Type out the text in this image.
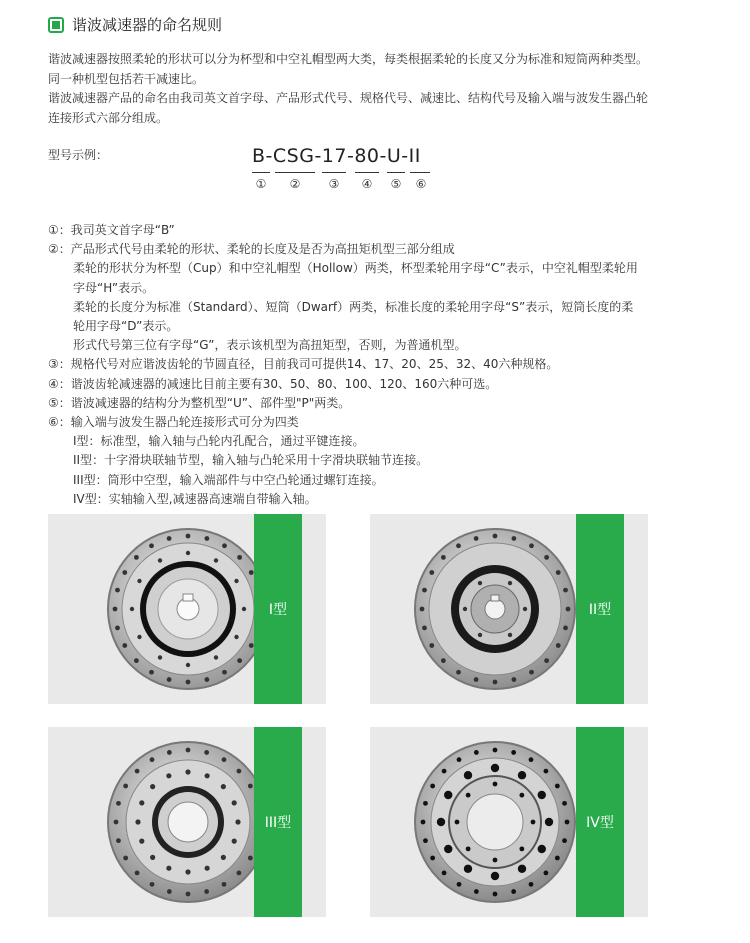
谐波减速器的命名规则

谐波减速器按照柔轮的形状可以分为杯型和中空礼帽型两大类，每类根据柔轮的长度又分为标准和短筒两种类型。

同一种机型包括若干减速比。

谐波减速器产品的命名由我司英文首字母、产品形式代号、规格代号、减速比、结构代号及输入端与波发生器凸轮

连接形式六部分组成。

型号示例：	B-CSG-17-80-U-II
①	②	③	④	⑤	⑥

①：我司英文首字母“B”

②：产品形式代号由柔轮的形状、柔轮的长度及是否为高扭矩机型三部分组成

柔轮的形状分为杯型（Cup）和中空礼帽型（Hollow）两类，杯型柔轮用字母“C”表示，中空礼帽型柔轮用

字母“H”表示。

柔轮的长度分为标准（Standard）、短筒（Dwarf）两类，标准长度的柔轮用字母“S”表示，短筒长度的柔

轮用字母“D”表示。

形式代号第三位有字母“G”，表示该机型为高扭矩型，否则，为普通机型。

③：规格代号对应谐波齿轮的节圆直径，目前我司可提供14、17、20、25、32、40六种规格。

④：谐波齿轮减速器的减速比目前主要有30、50、80、100、120、160六种可选。

⑤：谐波减速器的结构分为整机型“U”、部件型"P"两类。

⑥：输入端与波发生器凸轮连接形式可分为四类

I型：标准型，输入轴与凸轮内孔配合，通过平键连接。

II型：十字滑块联轴节型，输入轴与凸轮采用十字滑块联轴节连接。

III型：筒形中空型，输入端部件与中空凸轮通过螺钉连接。

IV型：实轴输入型,减速器高速端自带输入轴。

I型	II型
III型	IV型
